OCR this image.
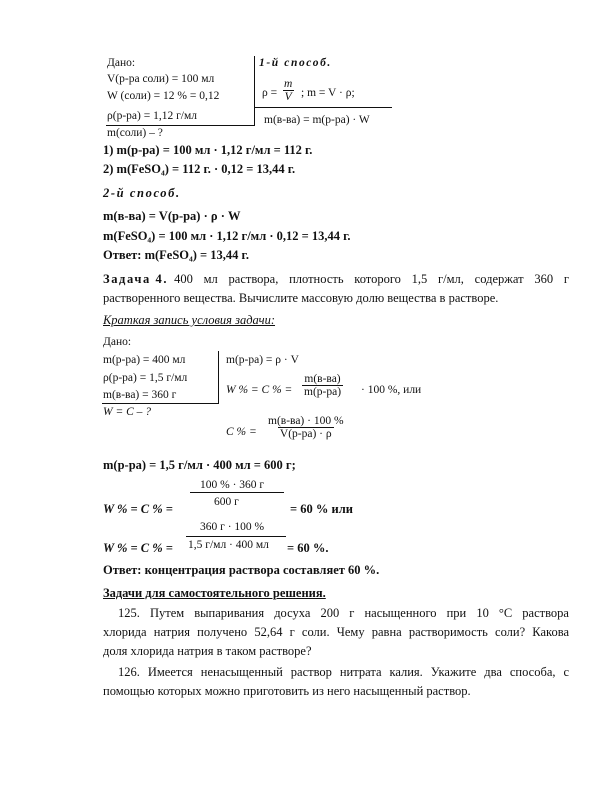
Дано:
V(р-ра соли) = 100 мл
W (соли) = 12 % = 0,12
ρ(р-ра) = 1,12 г/мл
m(соли) – ?
1-й способ.
$\rho = \frac{m}{V}$ ; m = V · ρ;
m(в-ва) = m(р-ра) · W
1) m(р-ра) = 100 мл · 1,12 г/мл = 112 г.
2) m(FeSO₄) = 112 г. · 0,12 = 13,44 г.
2-й способ.
m(в-ва) = V(р-ра) · ρ · W
m(FeSO₄) = 100 мл · 1,12 г/мл · 0,12 = 13,44 г.
Ответ: m(FeSO₄) = 13,44 г.
Задача 4. 400 мл раствора, плотность которого 1,5 г/мл, содержат 360 г
растворенного вещества. Вычислите массовую долю вещества в растворе.
Краткая запись условия задачи:
Дано:
m(р-ра) = 400 мл
ρ(р-ра) = 1,5 г/мл
m(в-ва) = 360 г
W = C – ?
m(р-ра) = ρ · V
W % = C % =
m(в-ва)
m(р-ра) · 100 %, или
C % =
m(в-ва) · 100 %
V(р-ра) · ρ
m(р-ра) = 1,5 г/мл · 400 мл = 600 г;
100 % · 360 г
W % = C % =	600 г	= 60 % или
360 г · 100 %
W % = C % = 1,5 г/мл · 400 мл = 60 %.
Ответ: концентрация раствора составляет 60 %.
Задачи для самостоятельного решения.
125. Путем выпаривания досуха 200 г насыщенного при 10 °С раствора
хлорида натрия получено 52,64 г соли. Чему равна растворимость соли? Какова
доля хлорида натрия в таком растворе?
126. Имеется ненасыщенный раствор нитрата калия. Укажите два способа, с
помощью которых можно приготовить из него насыщенный раствор.
